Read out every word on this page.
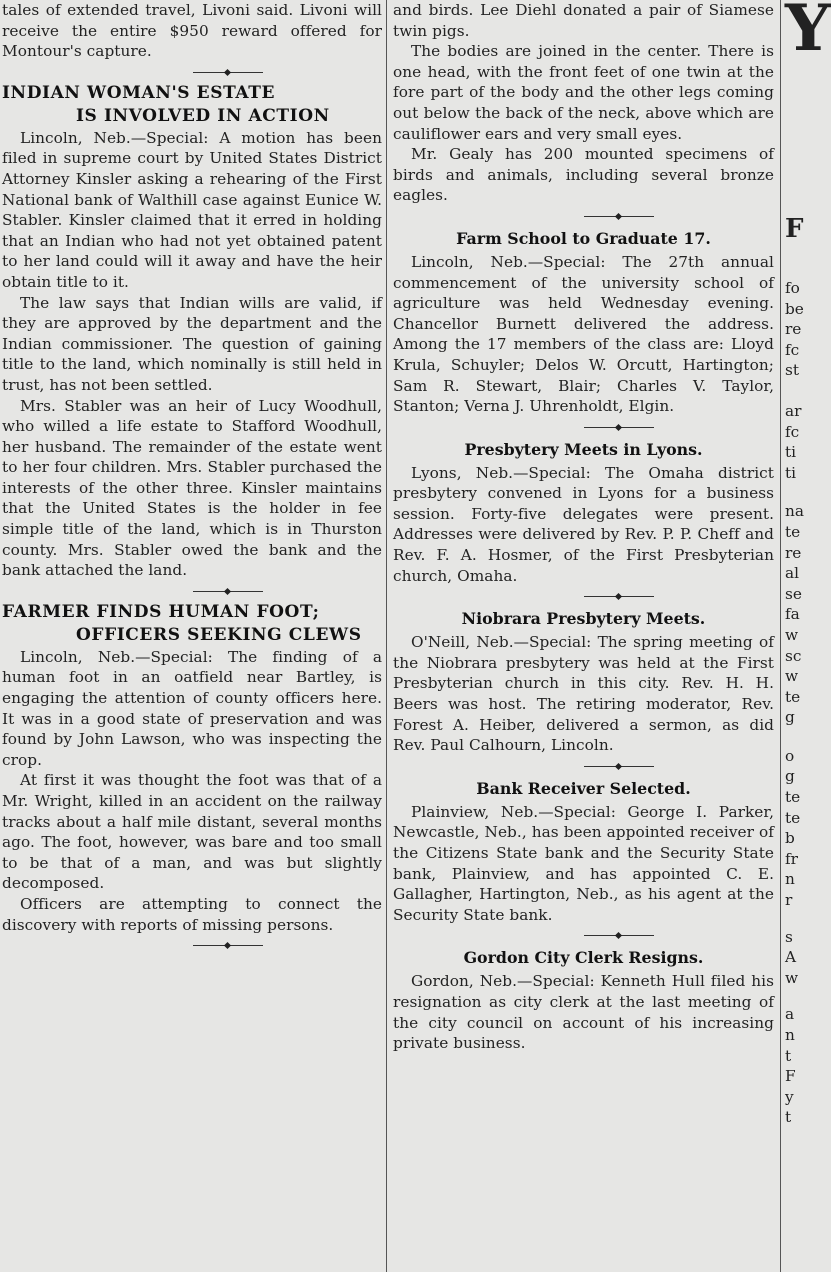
tales of extended travel, Livoni said. Livoni will receive the entire $950 reward offered for Montour's capture.

INDIAN WOMAN'S ESTATE
IS INVOLVED IN ACTION

Lincoln, Neb.—Special: A motion has been filed in supreme court by United States District Attorney Kinsler asking a rehearing of the First National bank of Walthill case against Eunice W. Stabler. Kinsler claimed that it erred in holding that an Indian who had not yet obtained patent to her land could will it away and have the heir obtain title to it.

The law says that Indian wills are valid, if they are approved by the department and the Indian commissioner. The question of gaining title to the land, which nominally is still held in trust, has not been settled.

Mrs. Stabler was an heir of Lucy Woodhull, who willed a life estate to Stafford Woodhull, her husband. The remainder of the estate went to her four children. Mrs. Stabler purchased the interests of the other three. Kinsler maintains that the United States is the holder in fee simple title of the land, which is in Thurston county. Mrs. Stabler owed the bank and the bank attached the land.

FARMER FINDS HUMAN FOOT;
OFFICERS SEEKING CLEWS

Lincoln, Neb.—Special: The finding of a human foot in an oatfield near Bartley, is engaging the attention of county officers here. It was in a good state of preservation and was found by John Lawson, who was inspecting the crop.

At first it was thought the foot was that of a Mr. Wright, killed in an accident on the railway tracks about a half mile distant, several months ago. The foot, however, was bare and too small to be that of a man, and was but slightly decomposed.

Officers are attempting to connect the discovery with reports of missing persons.

and birds. Lee Diehl donated a pair of Siamese twin pigs.

The bodies are joined in the center. There is one head, with the front feet of one twin at the fore part of the body and the other legs coming out below the back of the neck, above which are cauliflower ears and very small eyes.

Mr. Gealy has 200 mounted specimens of birds and animals, including several bronze eagles.

Farm School to Graduate 17.

Lincoln, Neb.—Special: The 27th annual commencement of the university school of agriculture was held Wednesday evening. Chancellor Burnett delivered the address. Among the 17 members of the class are: Lloyd Krula, Schuyler; Delos W. Orcutt, Hartington; Sam R. Stewart, Blair; Charles V. Taylor, Stanton; Verna J. Uhrenholdt, Elgin.

Presbytery Meets in Lyons.

Lyons, Neb.—Special: The Omaha district presbytery convened in Lyons for a business session. Forty-five delegates were present. Addresses were delivered by Rev. P. P. Cheff and Rev. F. A. Hosmer, of the First Presbyterian church, Omaha.

Niobrara Presbytery Meets.

O'Neill, Neb.—Special: The spring meeting of the Niobrara presbytery was held at the First Presbyterian church in this city. Rev. H. H. Beers was host. The retiring moderator, Rev. Forest A. Heiber, delivered a sermon, as did Rev. Paul Calhourn, Lincoln.

Bank Receiver Selected.

Plainview, Neb.—Special: George I. Parker, Newcastle, Neb., has been appointed receiver of the Citizens State bank and the Security State bank, Plainview, and has appointed C. E. Gallagher, Hartington, Neb., as his agent at the Security State bank.

Gordon City Clerk Resigns.

Gordon, Neb.—Special: Kenneth Hull filed his resignation as city clerk at the last meeting of the city council on account of his increasing private business.

Y
F
fo
be
re
fc
st
ar
fc
ti
ti
na
te
re
al
se
fa
w
sc
w
te
g
o
g
te
te
b
fr
n
r
s
A
w
a
n
t
F
y
t
